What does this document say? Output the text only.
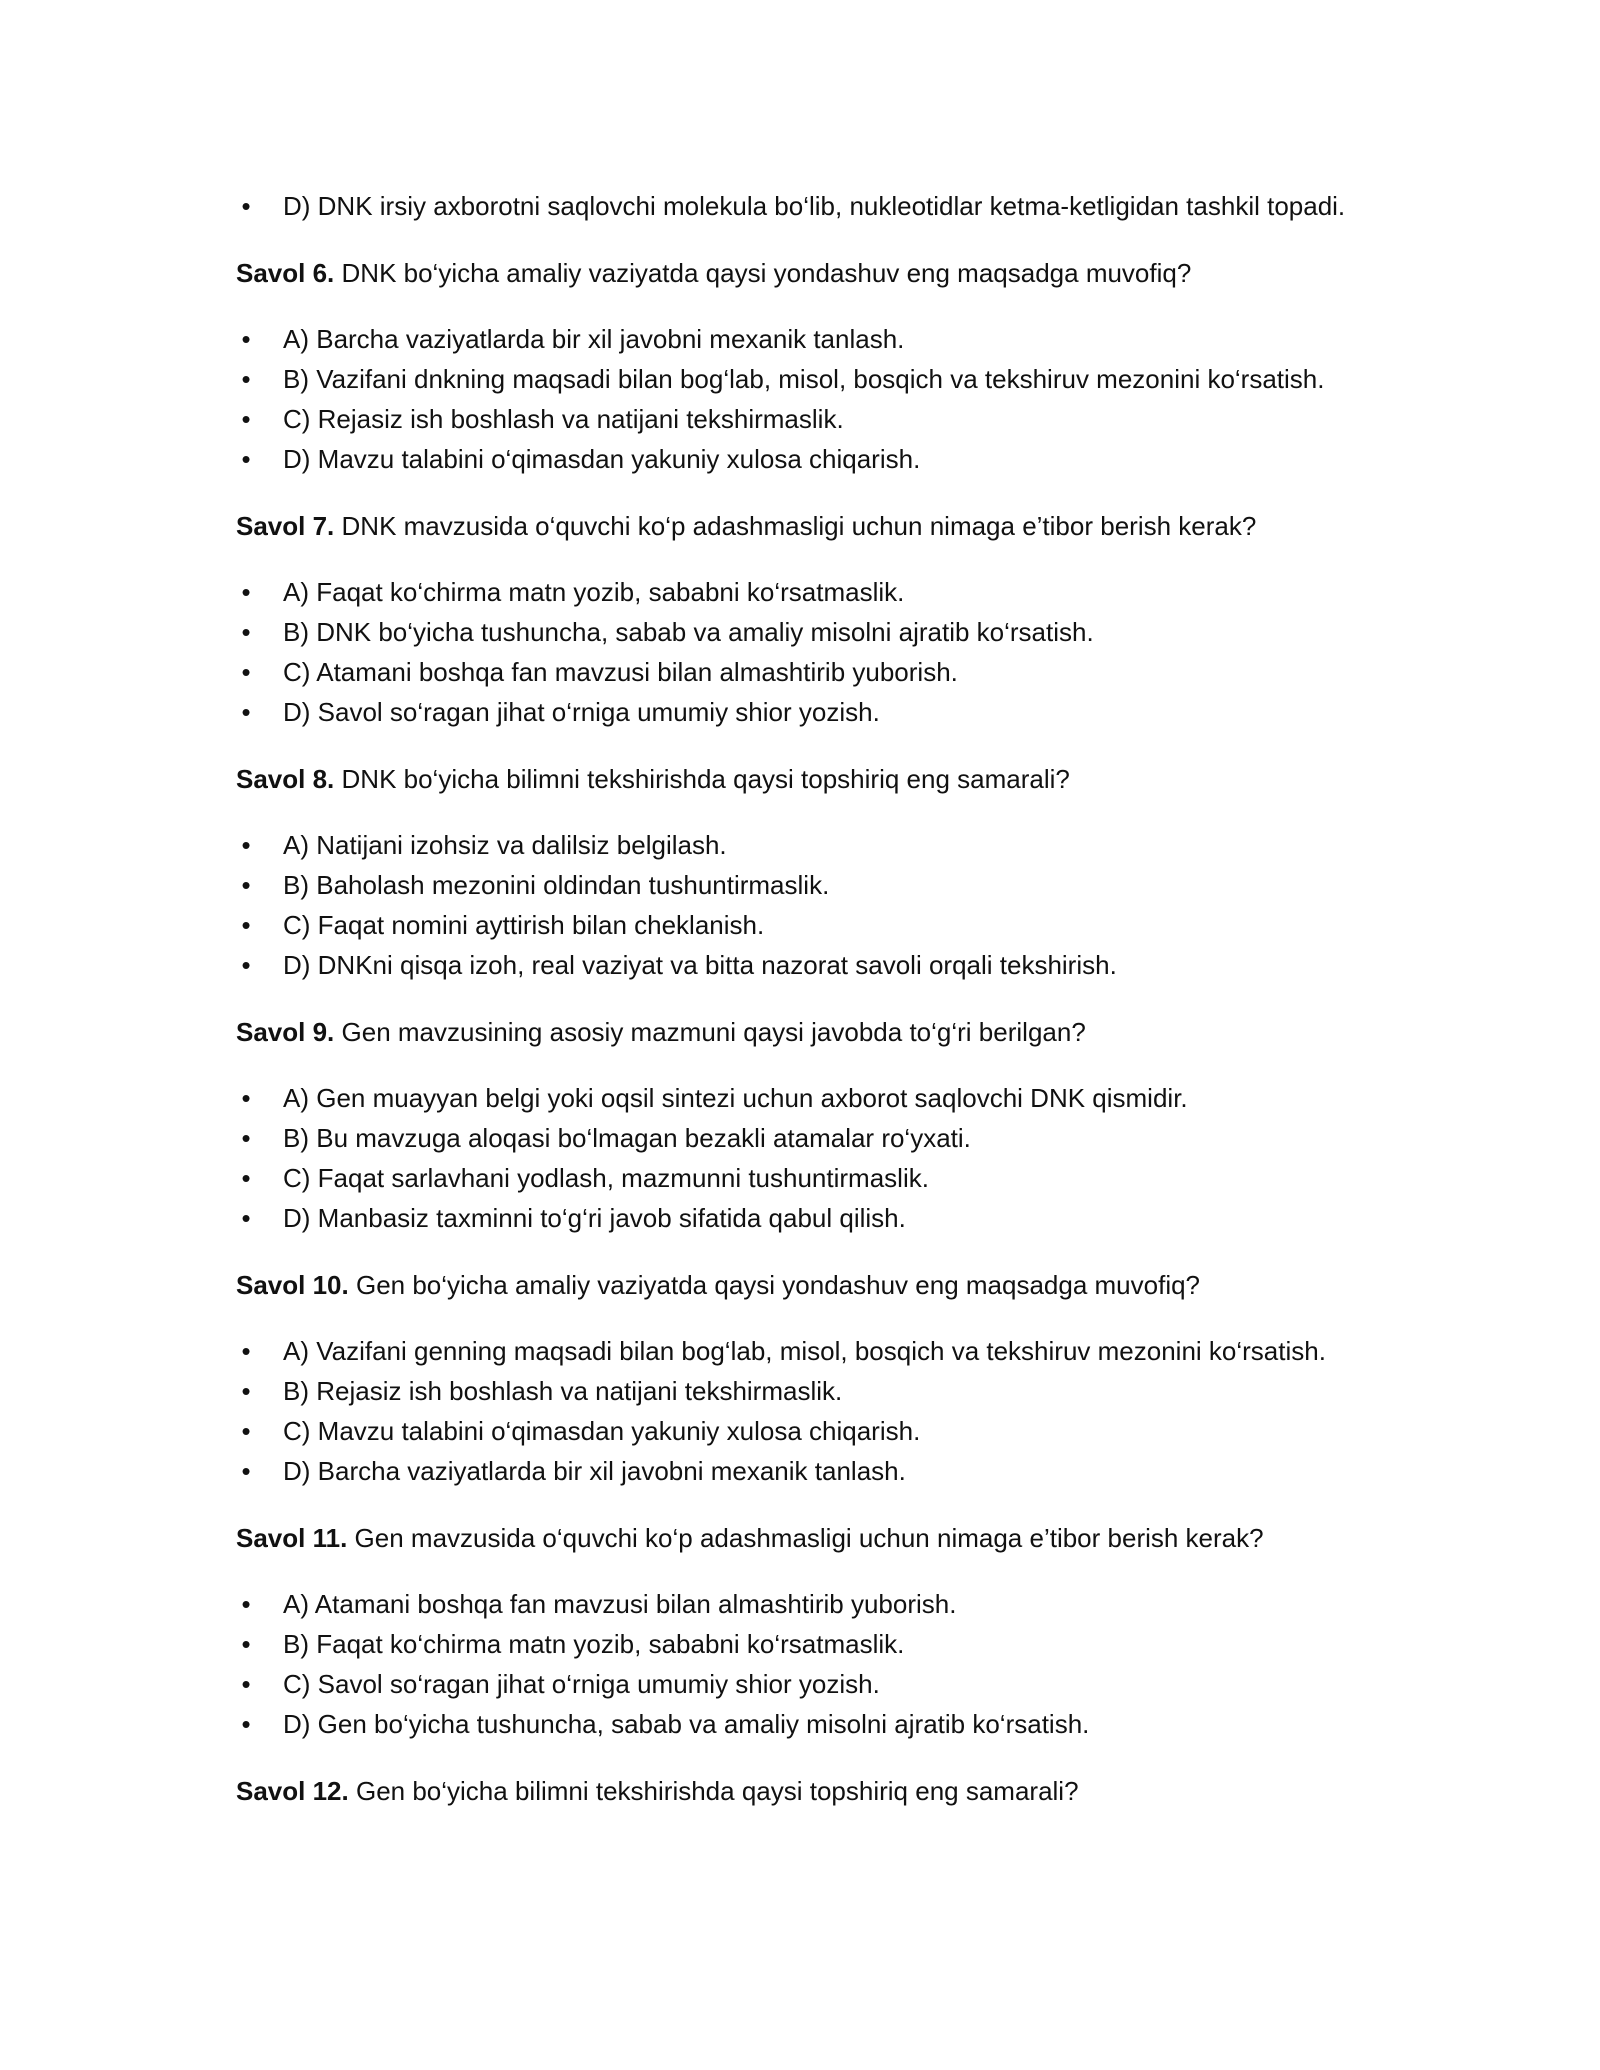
• D) DNK irsiy axborotni saqlovchi molekula bo‘lib, nukleotidlar ketma-ketligidan tashkil topadi.
Savol 6. DNK bo‘yicha amaliy vaziyatda qaysi yondashuv eng maqsadga muvofiq?
• A) Barcha vaziyatlarda bir xil javobni mexanik tanlash.
• B) Vazifani dnkning maqsadi bilan bog‘lab, misol, bosqich va tekshiruv mezonini ko‘rsatish.
• C) Rejasiz ish boshlash va natijani tekshirmaslik.
• D) Mavzu talabini o‘qimasdan yakuniy xulosa chiqarish.
Savol 7. DNK mavzusida o‘quvchi ko‘p adashmasligi uchun nimaga e’tibor berish kerak?
• A) Faqat ko‘chirma matn yozib, sababni ko‘rsatmaslik.
• B) DNK bo‘yicha tushuncha, sabab va amaliy misolni ajratib ko‘rsatish.
• C) Atamani boshqa fan mavzusi bilan almashtirib yuborish.
• D) Savol so‘ragan jihat o‘rniga umumiy shior yozish.
Savol 8. DNK bo‘yicha bilimni tekshirishda qaysi topshiriq eng samarali?
• A) Natijani izohsiz va dalilsiz belgilash.
• B) Baholash mezonini oldindan tushuntirmaslik.
• C) Faqat nomini ayttirish bilan cheklanish.
• D) DNKni qisqa izoh, real vaziyat va bitta nazorat savoli orqali tekshirish.
Savol 9. Gen mavzusining asosiy mazmuni qaysi javobda to‘g‘ri berilgan?
• A) Gen muayyan belgi yoki oqsil sintezi uchun axborot saqlovchi DNK qismidir.
• B) Bu mavzuga aloqasi bo‘lmagan bezakli atamalar ro‘yxati.
• C) Faqat sarlavhani yodlash, mazmunni tushuntirmaslik.
• D) Manbasiz taxminni to‘g‘ri javob sifatida qabul qilish.
Savol 10. Gen bo‘yicha amaliy vaziyatda qaysi yondashuv eng maqsadga muvofiq?
• A) Vazifani genning maqsadi bilan bog‘lab, misol, bosqich va tekshiruv mezonini ko‘rsatish.
• B) Rejasiz ish boshlash va natijani tekshirmaslik.
• C) Mavzu talabini o‘qimasdan yakuniy xulosa chiqarish.
• D) Barcha vaziyatlarda bir xil javobni mexanik tanlash.
Savol 11. Gen mavzusida o‘quvchi ko‘p adashmasligi uchun nimaga e’tibor berish kerak?
• A) Atamani boshqa fan mavzusi bilan almashtirib yuborish.
• B) Faqat ko‘chirma matn yozib, sababni ko‘rsatmaslik.
• C) Savol so‘ragan jihat o‘rniga umumiy shior yozish.
• D) Gen bo‘yicha tushuncha, sabab va amaliy misolni ajratib ko‘rsatish.
Savol 12. Gen bo‘yicha bilimni tekshirishda qaysi topshiriq eng samarali?
